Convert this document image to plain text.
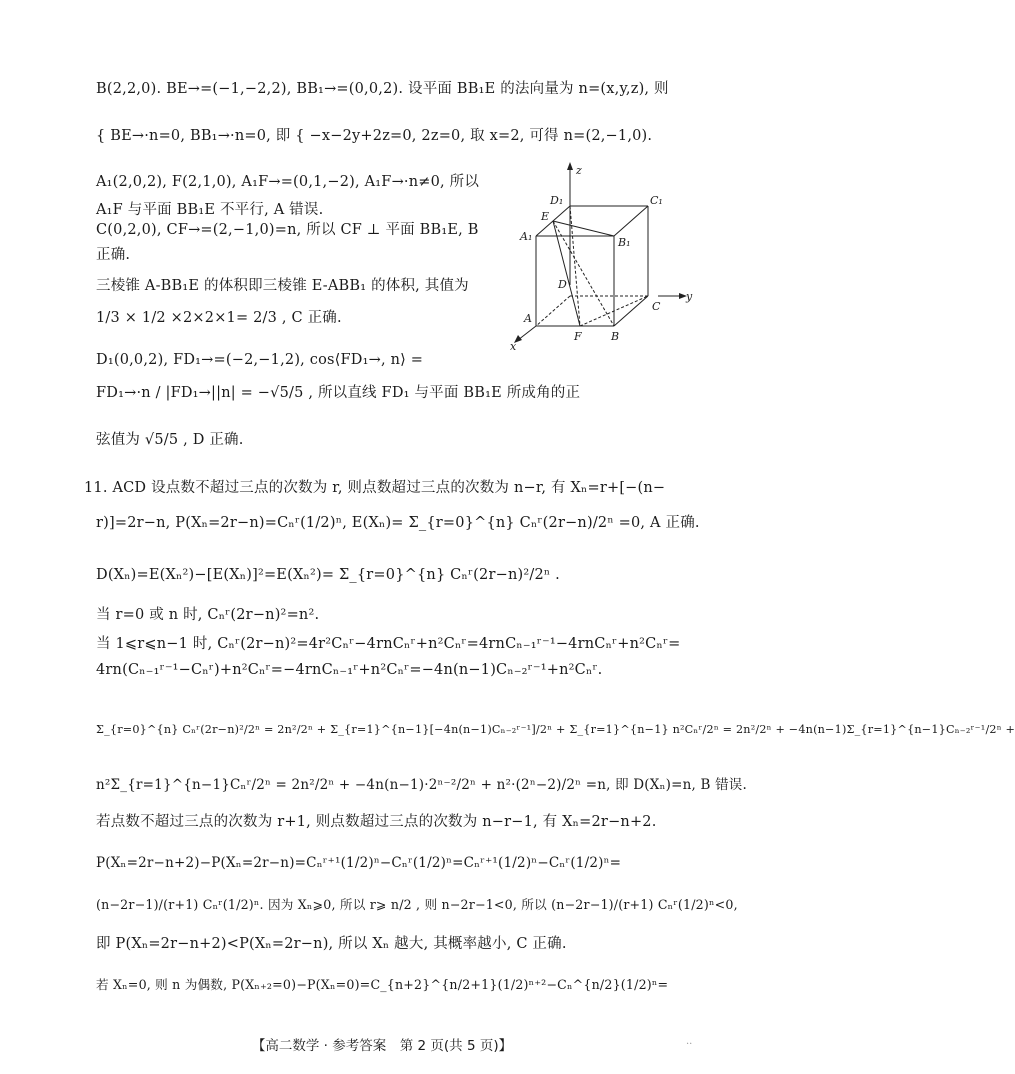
B(2,2,0). BE→=(−1,−2,2), BB₁→=(0,0,2). 设平面 BB₁E 的法向量为 n=(x,y,z), 则
{ BE→·n=0, BB₁→·n=0, 即 { −x−2y+2z=0, 2z=0, 取 x=2, 可得 n=(2,−1,0).
A₁(2,0,2), F(2,1,0), A₁F→=(0,1,−2), A₁F→·n≠0, 所以
A₁F 与平面 BB₁E 不平行, A 错误.
C(0,2,0), CF→=(2,−1,0)=n, 所以 CF ⊥ 平面 BB₁E, B
正确.
三棱锥 A-BB₁E 的体积即三棱锥 E-ABB₁ 的体积, 其值为
1/3 × 1/2 ×2×2×1= 2/3 , C 正确.
D₁(0,0,2), FD₁→=(−2,−1,2), cos⟨FD₁→, n⟩ =
FD₁→·n / |FD₁→||n| = −√5/5 , 所以直线 FD₁ 与平面 BB₁E 所成角的正
弦值为 √5/5 , D 正确.
11. ACD 设点数不超过三点的次数为 r, 则点数超过三点的次数为 n−r, 有 Xₙ=r+[−(n−
r)]=2r−n, P(Xₙ=2r−n)=Cₙʳ(1/2)ⁿ, E(Xₙ)= Σ_{r=0}^{n} Cₙʳ(2r−n)/2ⁿ =0, A 正确.
D(Xₙ)=E(Xₙ²)−[E(Xₙ)]²=E(Xₙ²)= Σ_{r=0}^{n} Cₙʳ(2r−n)²/2ⁿ .
当 r=0 或 n 时, Cₙʳ(2r−n)²=n².
当 1⩽r⩽n−1 时, Cₙʳ(2r−n)²=4r²Cₙʳ−4rnCₙʳ+n²Cₙʳ=4rnCₙ₋₁ʳ⁻¹−4rnCₙʳ+n²Cₙʳ=
4rn(Cₙ₋₁ʳ⁻¹−Cₙʳ)+n²Cₙʳ=−4rnCₙ₋₁ʳ+n²Cₙʳ=−4n(n−1)Cₙ₋₂ʳ⁻¹+n²Cₙʳ.
Σ_{r=0}^{n} Cₙʳ(2r−n)²/2ⁿ = 2n²/2ⁿ + Σ_{r=1}^{n−1}[−4n(n−1)Cₙ₋₂ʳ⁻¹]/2ⁿ + Σ_{r=1}^{n−1} n²Cₙʳ/2ⁿ = 2n²/2ⁿ + −4n(n−1)Σ_{r=1}^{n−1}Cₙ₋₂ʳ⁻¹/2ⁿ +
n²Σ_{r=1}^{n−1}Cₙʳ/2ⁿ = 2n²/2ⁿ + −4n(n−1)·2ⁿ⁻²/2ⁿ + n²·(2ⁿ−2)/2ⁿ =n, 即 D(Xₙ)=n, B 错误.
若点数不超过三点的次数为 r+1, 则点数超过三点的次数为 n−r−1, 有 Xₙ=2r−n+2.
P(Xₙ=2r−n+2)−P(Xₙ=2r−n)=Cₙʳ⁺¹(1/2)ⁿ−Cₙʳ(1/2)ⁿ=Cₙʳ⁺¹(1/2)ⁿ−Cₙʳ(1/2)ⁿ=
(n−2r−1)/(r+1) Cₙʳ(1/2)ⁿ. 因为 Xₙ⩾0, 所以 r⩾ n/2 , 则 n−2r−1<0, 所以 (n−2r−1)/(r+1) Cₙʳ(1/2)ⁿ<0,
即 P(Xₙ=2r−n+2)<P(Xₙ=2r−n), 所以 Xₙ 越大, 其概率越小, C 正确.
若 Xₙ=0, 则 n 为偶数, P(Xₙ₊₂=0)−P(Xₙ=0)=C_{n+2}^{n/2+1}(1/2)ⁿ⁺²−Cₙ^{n/2}(1/2)ⁿ=
z
y
x
D₁	C₁
E
A₁	B₁
D
C
A
F	B
【高二数学 · 参考答案　第 2 页(共 5 页)】	..
